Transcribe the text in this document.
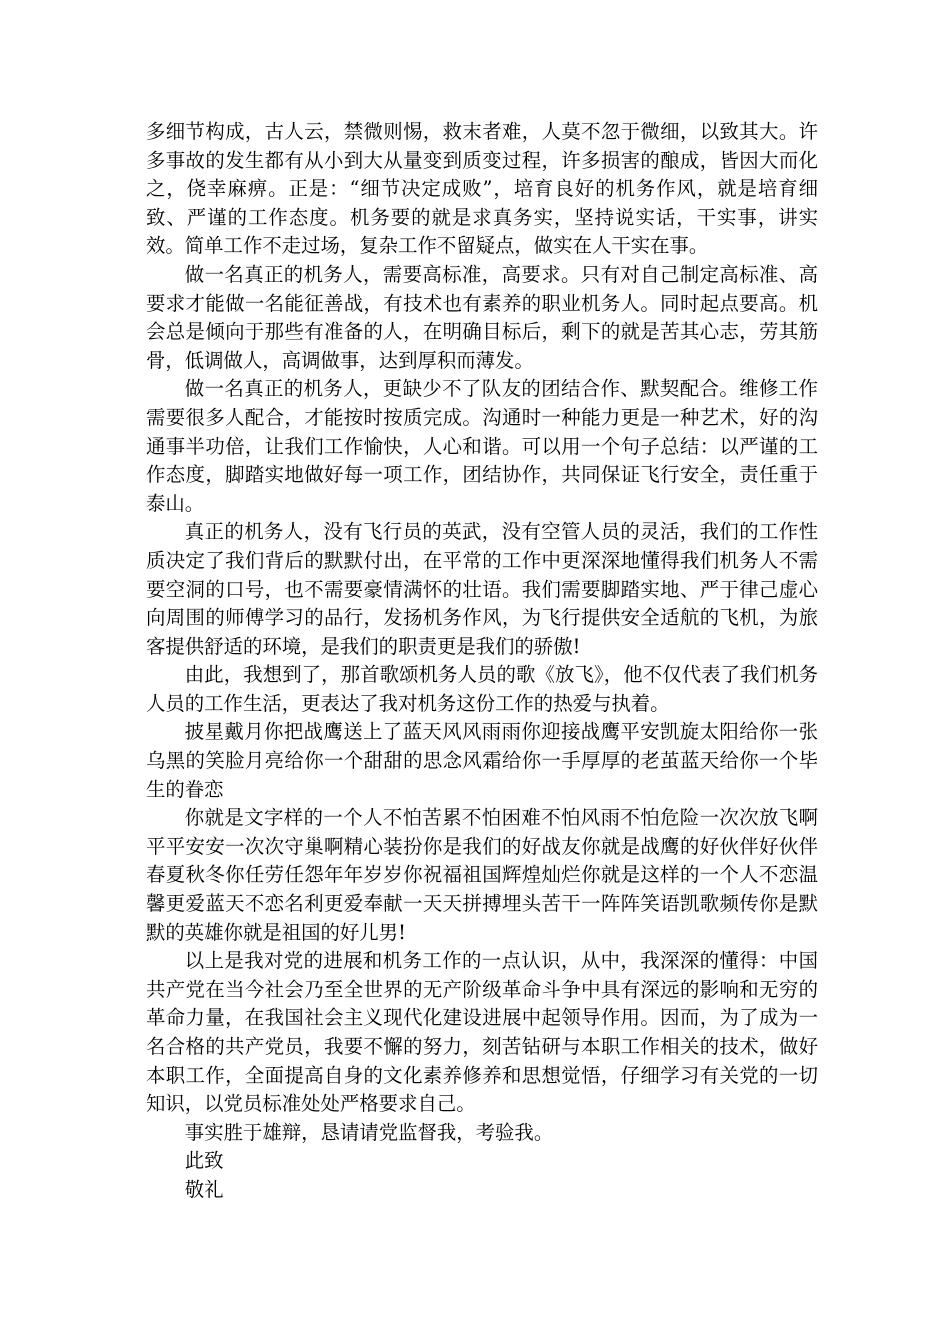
多细节构成，古人云，禁微则惕，救末者难，人莫不忽于微细，以致其大。许多事故的发生都有从小到大从量变到质变过程，许多损害的酿成，皆因大而化之，侥幸麻痹。正是：“细节决定成败”，培育良好的机务作风，就是培育细致、严谨的工作态度。机务要的就是求真务实，坚持说实话，干实事，讲实效。简单工作不走过场，复杂工作不留疑点，做实在人干实在事。

做一名真正的机务人，需要高标准，高要求。只有对自己制定高标准、高要求才能做一名能征善战，有技术也有素养的职业机务人。同时起点要高。机会总是倾向于那些有准备的人，在明确目标后，剩下的就是苦其心志，劳其筋骨，低调做人，高调做事，达到厚积而薄发。

做一名真正的机务人，更缺少不了队友的团结合作、默契配合。维修工作需要很多人配合，才能按时按质完成。沟通时一种能力更是一种艺术，好的沟通事半功倍，让我们工作愉快，人心和谐。可以用一个句子总结：以严谨的工作态度，脚踏实地做好每一项工作，团结协作，共同保证飞行安全，责任重于泰山。

真正的机务人，没有飞行员的英武，没有空管人员的灵活，我们的工作性质决定了我们背后的默默付出，在平常的工作中更深深地懂得我们机务人不需要空洞的口号，也不需要豪情满怀的壮语。我们需要脚踏实地、严于律己虚心向周围的师傅学习的品行，发扬机务作风，为飞行提供安全适航的飞机，为旅客提供舒适的环境，是我们的职责更是我们的骄傲!

由此，我想到了，那首歌颂机务人员的歌《放飞》，他不仅代表了我们机务人员的工作生活，更表达了我对机务这份工作的热爱与执着。

披星戴月你把战鹰送上了蓝天风风雨雨你迎接战鹰平安凯旋太阳给你一张乌黑的笑脸月亮给你一个甜甜的思念风霜给你一手厚厚的老茧蓝天给你一个毕生的眷恋

你就是文字样的一个人不怕苦累不怕困难不怕风雨不怕危险一次次放飞啊平平安安一次次守巢啊精心装扮你是我们的好战友你就是战鹰的好伙伴好伙伴春夏秋冬你任劳任怨年年岁岁你祝福祖国辉煌灿烂你就是这样的一个人不恋温馨更爱蓝天不恋名利更爱奉献一天天拼搏埋头苦干一阵阵笑语凯歌频传你是默默的英雄你就是祖国的好儿男!

以上是我对党的进展和机务工作的一点认识，从中，我深深的懂得：中国共产党在当今社会乃至全世界的无产阶级革命斗争中具有深远的影响和无穷的革命力量，在我国社会主义现代化建设进展中起领导作用。因而，为了成为一名合格的共产党员，我要不懈的努力，刻苦钻研与本职工作相关的技术，做好本职工作，全面提高自身的文化素养修养和思想觉悟，仔细学习有关党的一切知识，以党员标准处处严格要求自己。

事实胜于雄辩，恳请请党监督我，考验我。

此致

敬礼
